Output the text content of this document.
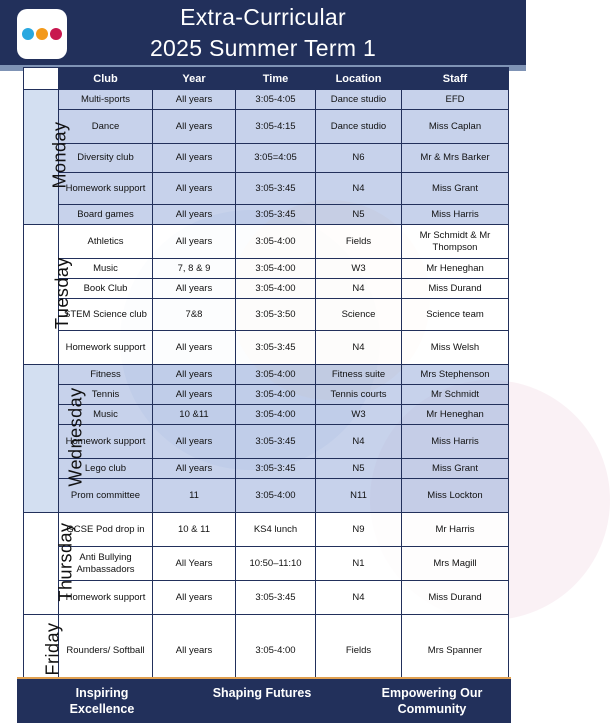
Extra-Curricular
2025 Summer Term 1
	Club	Year	Time	Location	Staff
Monday	Multi-sports	All years	3:05-4:05	Dance studio	EFD
	Dance	All years	3:05-4:15	Dance studio	Miss Caplan
	Diversity club	All years	3:05=4:05	N6	Mr & Mrs Barker
	Homework support	All years	3:05-3:45	N4	Miss Grant
	Board games	All years	3:05-3:45	N5	Miss Harris
Tuesday	Athletics	All years	3:05-4:00	Fields	Mr Schmidt & Mr Thompson
	Music	7, 8 & 9	3:05-4:00	W3	Mr Heneghan
	Book Club	All years	3:05-4:00	N4	Miss Durand
	STEM Science club	7&8	3:05-3:50	Science	Science team
	Homework support	All years	3:05-3:45	N4	Miss Welsh
Wednesday	Fitness	All years	3:05-4:00	Fitness suite	Mrs Stephenson
	Tennis	All years	3:05-4:00	Tennis courts	Mr Schmidt
	Music	10 &11	3:05-4:00	W3	Mr Heneghan
	Homework support	All years	3:05-3:45	N4	Miss Harris
	Lego club	All years	3:05-3:45	N5	Miss Grant
	Prom committee	11	3:05-4:00	N11	Miss Lockton
Thursday	GCSE Pod drop in	10 & 11	KS4 lunch	N9	Mr Harris
	Anti Bullying Ambassadors	All Years	10:50–11:10	N1	Mrs Magill
	Homework support	All years	3:05-3:45	N4	Miss Durand
Friday	Rounders/ Softball	All years	3:05-4:00	Fields	Mrs Spanner
Inspiring Excellence
Shaping Futures	Empowering Our Community
